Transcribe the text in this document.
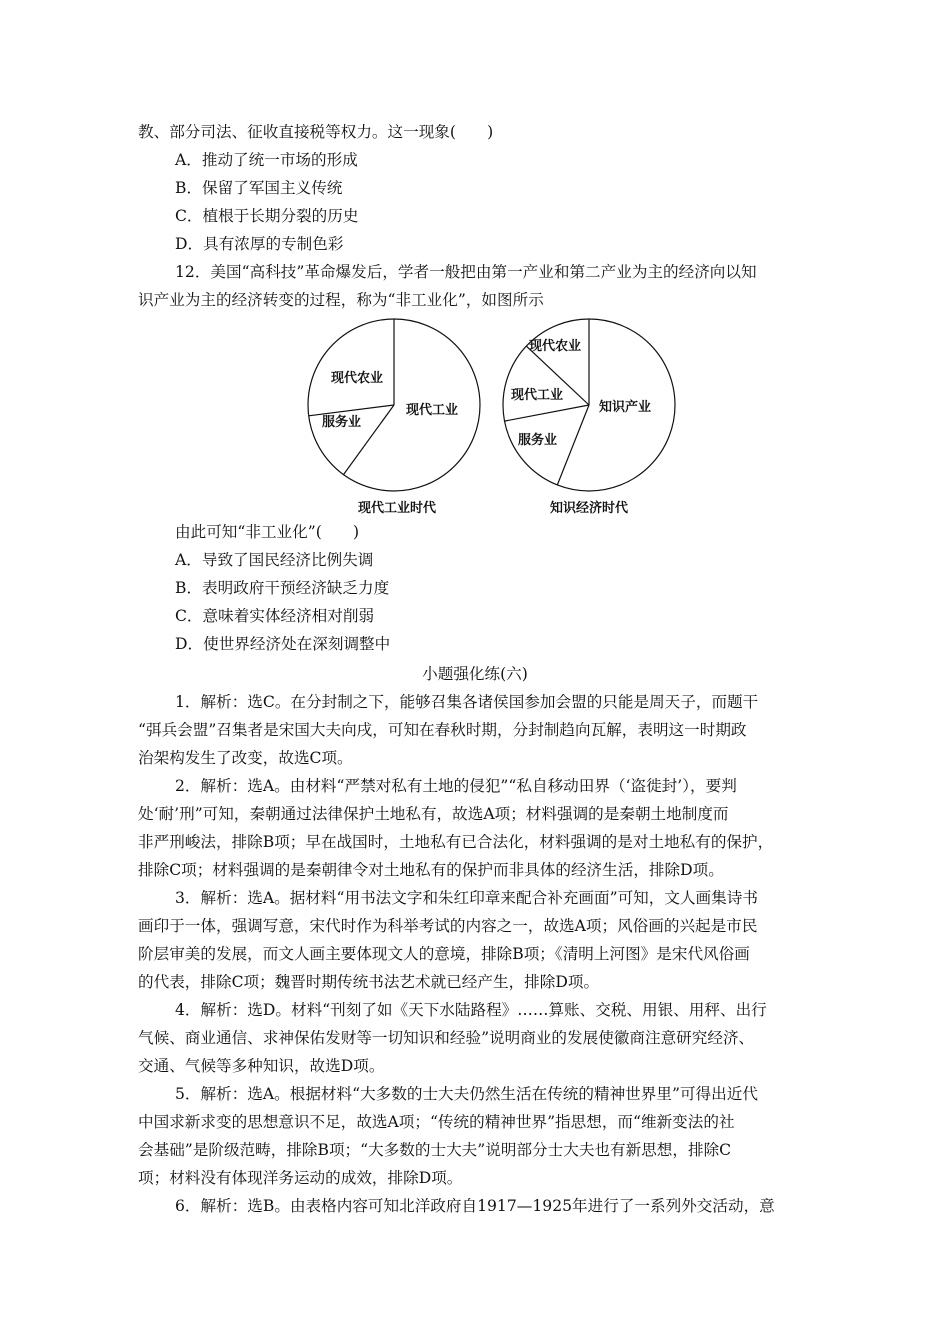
教、部分司法、征收直接税等权力。这一现象(　　)
A．推动了统一市场的形成
B．保留了军国主义传统
C．植根于长期分裂的历史
D．具有浓厚的专制色彩
12．美国“高科技”革命爆发后，学者一般把由第一产业和第二产业为主的经济向以知
识产业为主的经济转变的过程，称为“非工业化”，如图所示
现代农业
服务业
现代工业
现代工业时代
现代农业
现代工业
服务业
知识产业
知识经济时代
由此可知“非工业化”(　　)
A．导致了国民经济比例失调
B．表明政府干预经济缺乏力度
C．意味着实体经济相对削弱
D．使世界经济处在深刻调整中
小题强化练(六)
1．解析：选C。在分封制之下，能够召集各诸侯国参加会盟的只能是周天子，而题干
“弭兵会盟”召集者是宋国大夫向戌，可知在春秋时期，分封制趋向瓦解，表明这一时期政
治架构发生了改变，故选C项。
2．解析：选A。由材料“严禁对私有土地的侵犯”“私自移动田界（‘盗徙封’），要判
处‘耐’刑”可知，秦朝通过法律保护土地私有，故选A项；材料强调的是秦朝土地制度而
非严刑峻法，排除B项；早在战国时，土地私有已合法化，材料强调的是对土地私有的保护，
排除C项；材料强调的是秦朝律令对土地私有的保护而非具体的经济生活，排除D项。
3．解析：选A。据材料“用书法文字和朱红印章来配合补充画面”可知，文人画集诗书
画印于一体，强调写意，宋代时作为科举考试的内容之一，故选A项；风俗画的兴起是市民
阶层审美的发展，而文人画主要体现文人的意境，排除B项；《清明上河图》是宋代风俗画
的代表，排除C项；魏晋时期传统书法艺术就已经产生，排除D项。
4．解析：选D。材料“刊刻了如《天下水陆路程》……算账、交税、用银、用秤、出行
气候、商业通信、求神保佑发财等一切知识和经验”说明商业的发展使徽商注意研究经济、
交通、气候等多种知识，故选D项。
5．解析：选A。根据材料“大多数的士大夫仍然生活在传统的精神世界里”可得出近代
中国求新求变的思想意识不足，故选A项；“传统的精神世界”指思想，而“维新变法的社
会基础”是阶级范畴，排除B项；“大多数的士大夫”说明部分士大夫也有新思想，排除C
项；材料没有体现洋务运动的成效，排除D项。
6．解析：选B。由表格内容可知北洋政府自1917—1925年进行了一系列外交活动，意
